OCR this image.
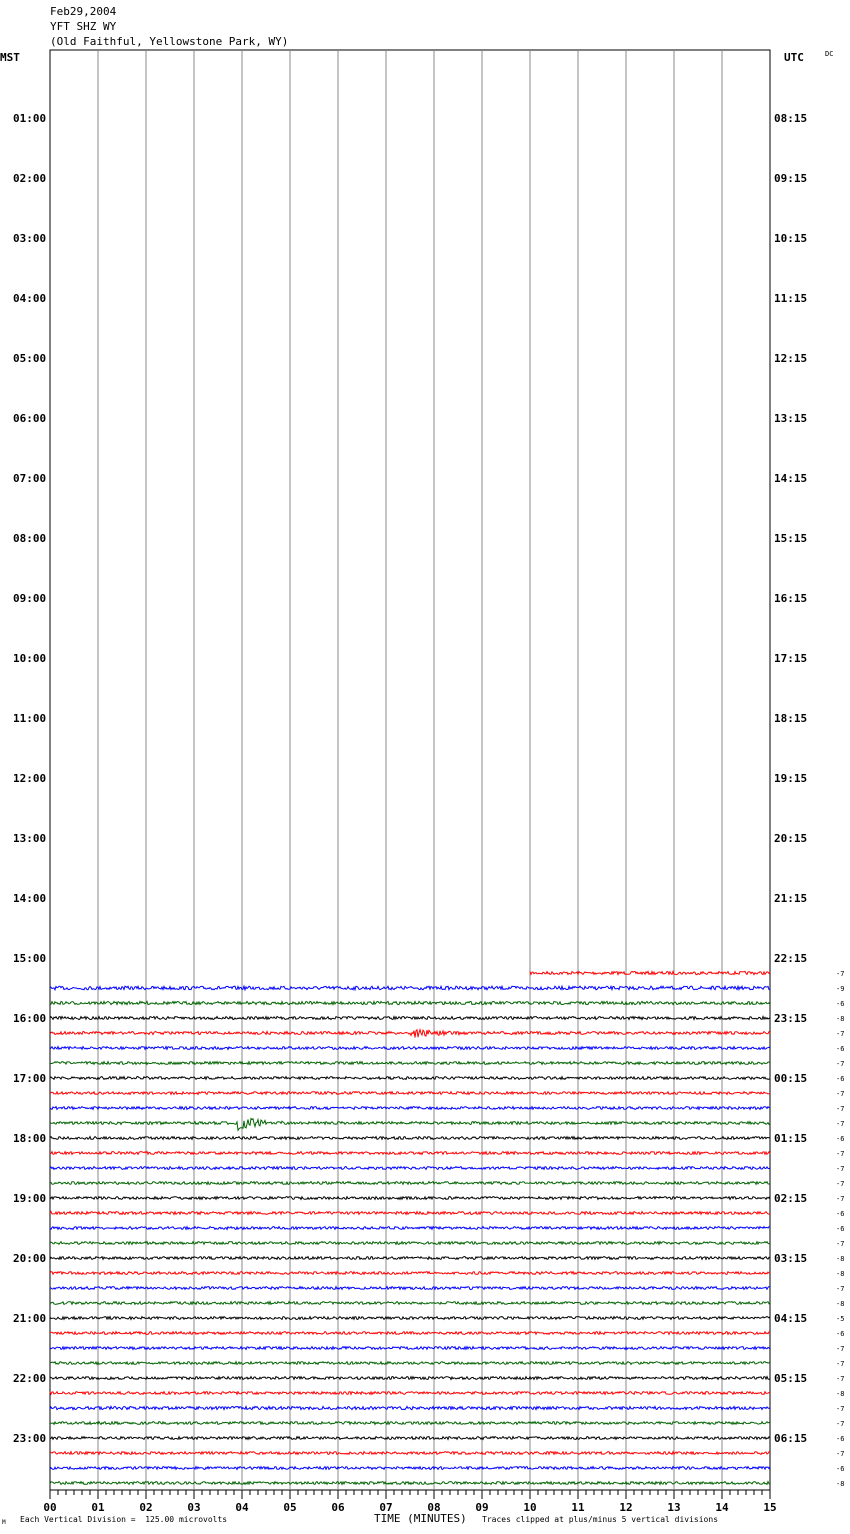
Feb29,2004
YFT SHZ WY
(Old Faithful, Yellowstone Park, WY)
01:00
02:00
03:00
04:00
05:00
06:00
07:00
08:00
09:00
10:00
11:00
12:00
13:00
14:00
15:00
16:00
17:00
18:00
19:00
20:00
21:00
22:00
23:00
08:15
09:15
10:15
11:15
12:15
13:15
14:15
15:15
16:15
17:15
18:15
19:15
20:15
21:15
22:15
23:15
00:15
01:15
02:15
03:15
04:15
05:15
06:15
-7
-9
-6
-8
-7
-6
-7
-6
-7
-7
-7
-6
-7
-7
-7
-7
-6
-6
-7
-8
-8
-7
-8
-5
-6
-7
-7
-7
-8
-7
-7
-6
-7
-6
-8
00	01	02	03	04	05	06	07	08	09	10	11	12	13	14	15
MST	UTC	DC
M Each Vertical Division =  125.00 microvolts	TIME (MINUTES) Traces clipped at plus/minus 5 vertical divisions
